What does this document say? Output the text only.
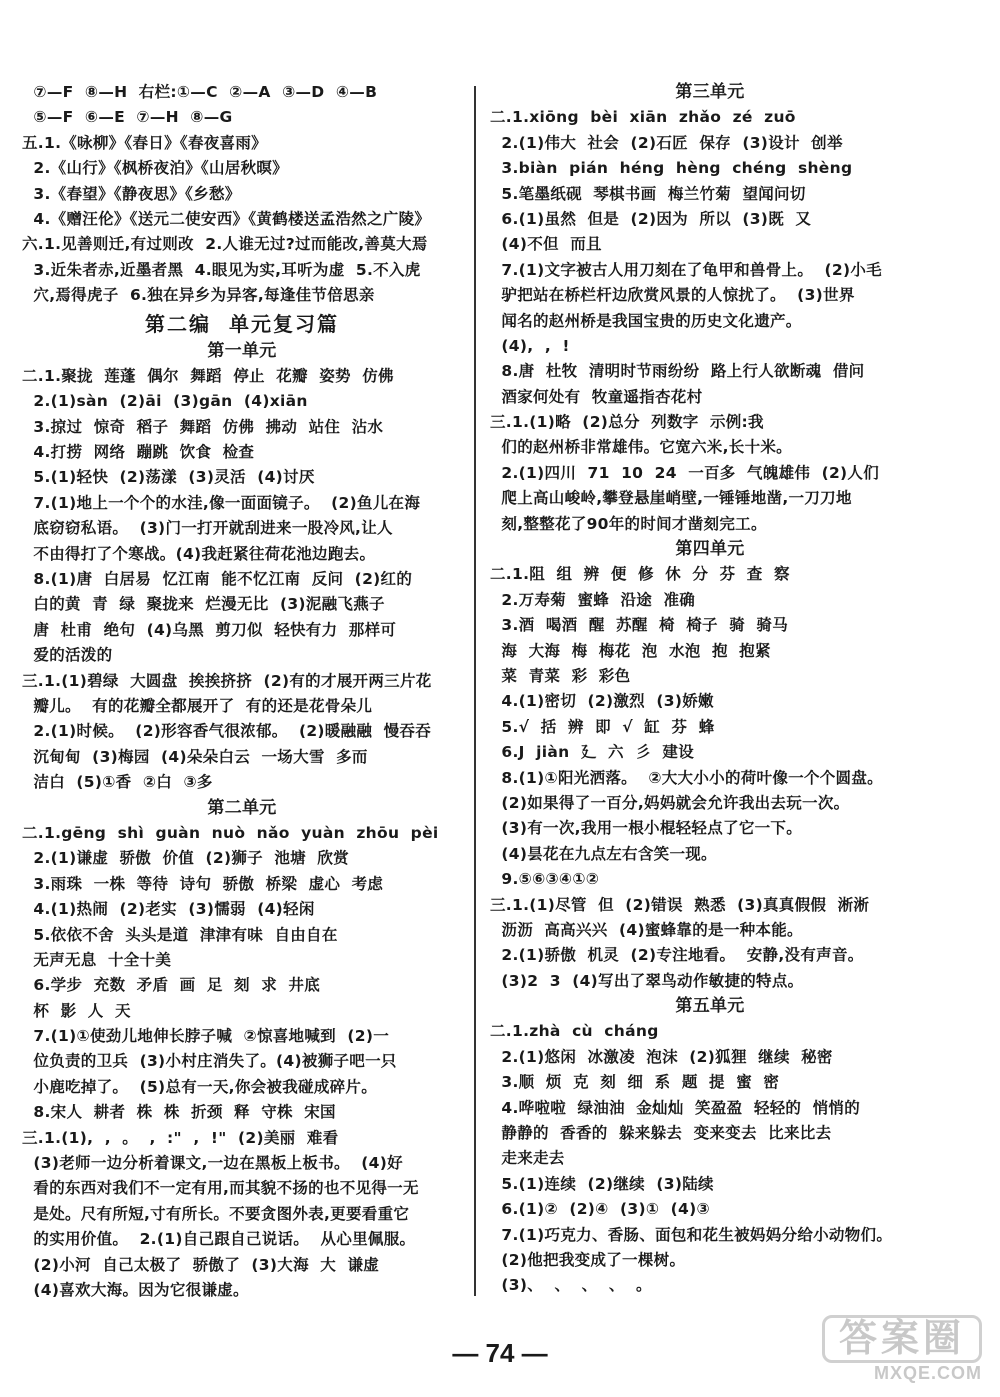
⑦—F  ⑧—H  右栏:①—C  ②—A  ③—D  ④—B
⑤—F  ⑥—E  ⑦—H  ⑧—G
五.1.《咏柳》《春日》《春夜喜雨》
2.《山行》《枫桥夜泊》《山居秋暝》
3.《春望》《静夜思》《乡愁》
4.《赠汪伦》《送元二使安西》《黄鹤楼送孟浩然之广陵》
六.1.见善则迁,有过则改  2.人谁无过?过而能改,善莫大焉
3.近朱者赤,近墨者黑  4.眼见为实,耳听为虚  5.不入虎
穴,焉得虎子  6.独在异乡为异客,每逢佳节倍思亲
第二编  单元复习篇
第一单元
二.1.聚拢  莲蓬  偶尔  舞蹈  停止  花瓣  姿势  仿佛
2.(1)sàn  (2)āi  (3)gān  (4)xiān
3.掠过  惊奇  稻子  舞蹈  仿佛  拂动  站住  沾水
4.打捞  网络  蹦跳  饮食  检查
5.(1)轻快  (2)荡漾  (3)灵活  (4)讨厌
7.(1)地上一个个的水洼,像一面面镜子。  (2)鱼儿在海
底窃窃私语。  (3)门一打开就刮进来一股冷风,让人
不由得打了个寒战。(4)我赶紧往荷花池边跑去。
8.(1)唐  白居易  忆江南  能不忆江南  反问  (2)红的
白的黄  青  绿  聚拢来  烂漫无比  (3)泥融飞燕子
唐  杜甫  绝句  (4)乌黑  剪刀似  轻快有力  那样可
爱的活泼的
三.1.(1)碧绿  大圆盘  挨挨挤挤  (2)有的才展开两三片花
瓣儿。  有的花瓣全都展开了  有的还是花骨朵儿
2.(1)时候。  (2)形容香气很浓郁。  (2)暖融融  慢吞吞
沉甸甸  (3)梅园  (4)朵朵白云  一场大雪  多而
洁白  (5)①香  ②白  ③多
第二单元
二.1.gēng  shì  guàn  nuò  nǎo  yuàn  zhōu  pèi
2.(1)谦虚  骄傲  价值  (2)狮子  池塘  欣赏
3.雨珠  一株  等待  诗句  骄傲  桥梁  虚心  考虑
4.(1)热闹  (2)老实  (3)懦弱  (4)轻闲
5.依依不舍  头头是道  津津有味  自由自在
无声无息  十全十美
6.学步  充数  矛盾  画  足  刻  求  井底
杯  影  人  天
7.(1)①使劲儿地伸长脖子喊  ②惊喜地喊到  (2)一
位负责的卫兵  (3)小村庄消失了。(4)被狮子吧一只
小鹿吃掉了。  (5)总有一天,你会被我碰成碎片。
8.宋人  耕者  株  株  折颈  释  守株  宋国
三.1.(1),  ,  。  ,  :"  ,  !"  (2)美丽  难看
(3)老师一边分析着课文,一边在黑板上板书。  (4)好
看的东西对我们不一定有用,而其貌不扬的也不见得一无
是处。尺有所短,寸有所长。不要贪图外表,更要看重它
的实用价值。  2.(1)自己跟自己说话。  从心里佩服。
(2)小河  自己太极了  骄傲了  (3)大海  大  谦虚
(4)喜欢大海。因为它很谦虚。
第三单元
二.1.xiōng  bèi  xiān  zhǎo  zé  zuō
2.(1)伟大  社会  (2)石匠  保存  (3)设计  创举
3.biàn  pián  héng  hèng  chéng  shèng
5.笔墨纸砚  琴棋书画  梅兰竹菊  望闻问切
6.(1)虽然  但是  (2)因为  所以  (3)既  又
(4)不但  而且
7.(1)文字被古人用刀刻在了龟甲和兽骨上。  (2)小毛
驴把站在桥栏杆边欣赏风景的人惊扰了。  (3)世界
闻名的赵州桥是我国宝贵的历史文化遗产。
(4),  ,  !
8.唐  杜牧  清明时节雨纷纷  路上行人欲断魂  借问
酒家何处有  牧童遥指杏花村
三.1.(1)略  (2)总分  列数字  示例:我
们的赵州桥非常雄伟。它宽六米,长十米。
2.(1)四川  71  10  24  一百多  气魄雄伟  (2)人们
爬上高山峻岭,攀登悬崖峭壁,一锤锤地凿,一刀刀地
刻,整整花了90年的时间才凿刻完工。
第四单元
二.1.阻  组  辨  便  修  休  分  芬  查  察
2.万寿菊  蜜蜂  沿途  准确
3.酒  喝酒  醒  苏醒  椅  椅子  骑  骑马
海  大海  梅  梅花  泡  水泡  抱  抱紧
菜  青菜  彩  彩色
4.(1)密切  (2)激烈  (3)娇嫩
5.√  括  辨  即  √  缸  芬  蜂
6.J  jiàn  廴  六  彡  建设
8.(1)①阳光洒落。  ②大大小小的荷叶像一个个圆盘。
(2)如果得了一百分,妈妈就会允许我出去玩一次。
(3)有一次,我用一根小棍轻轻点了它一下。
(4)昙花在九点左右含笑一现。
9.⑤⑥③④①②
三.1.(1)尽管  但  (2)错误  熟悉  (3)真真假假  淅淅
沥沥  高高兴兴  (4)蜜蜂靠的是一种本能。
2.(1)骄傲  机灵  (2)专注地看。  安静,没有声音。
(3)2  3  (4)写出了翠鸟动作敏捷的特点。
第五单元
二.1.zhà  cù  cháng
2.(1)悠闲  冰激凌  泡沫  (2)狐狸  继续  秘密
3.顺  烦  克  刻  细  系  题  提  蜜  密
4.哗啦啦  绿油油  金灿灿  笑盈盈  轻轻的  悄悄的
静静的  香香的  躲来躲去  变来变去  比来比去
走来走去
5.(1)连续  (2)继续  (3)陆续
6.(1)②  (2)④  (3)①  (4)③
7.(1)巧克力、香肠、面包和花生被妈妈分给小动物们。
(2)他把我变成了一棵树。
(3)、  、  、  、  。
— 74 —	答案圈
MXQE.COM
